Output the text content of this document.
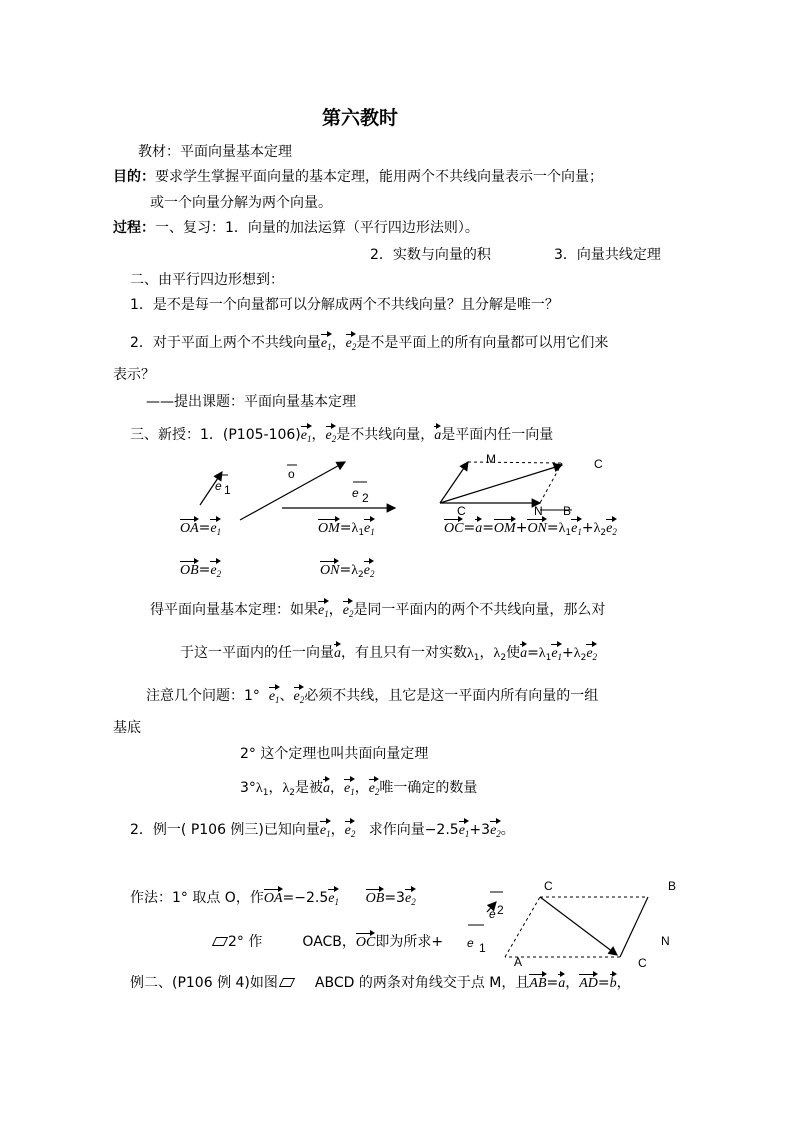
第六教时
教材：平面向量基本定理
目的：要求学生掌握平面向量的基本定理，能用两个不共线向量表示一个向量；
或一个向量分解为两个向量。
过程：一、复习：1．向量的加法运算（平行四边形法则）。
2．实数与向量的积	3．向量共线定理
二、由平行四边形想到：
1．是不是每一个向量都可以分解成两个不共线向量？且分解是唯一？
2．对于平面上两个不共线向量$e_1$，$e_2$是不是平面上的所有向量都可以用它们来
表示？
——提出课题：平面向量基本定理
三、新授：1．$(P105-106)e_1$，$e_2$是不共线向量，a是平面内任一向量
e 1
o
e 2
M	C
C	N B
e 2
e 1
C	B
N
A	C
$OA=e_1$
$OB=e_2$
$OM=\lambda_1e_1$
$ON=\lambda_2e_2$
$OC=a=OM+ON=\lambda_1e_1+\lambda_2e_2$
得平面向量基本定理：如果$e_1$，$e_2$是同一平面内的两个不共线向量，那么对
于这一平面内的任一向量a，有且只有一对实数$\lambda_1$，$\lambda_2$使$a=\lambda_1e_1+\lambda_2e_2$
注意几个问题：1° $e_1$、$e_2$必须不共线，且它是这一平面内所有向量的一组
基底
2° 这个定理也叫共面向量定理
$3^\circ\lambda_1$，$\lambda_2$是被a，$e_1$，$e_2$唯一确定的数量
2．例一( P106 例三)已知向量$e_1$，$e_2$ 求作向量$-2.5e_1+3e_2$。
作法：1° 取点 O，作$OA=-2.5e_1$ $OB=3e_2$
2° 作	OACB，OC即为所求+
例二、(P106 例 4)如图	ABCD 的两条对角线交于点 M，且AB=a，AD=b，
